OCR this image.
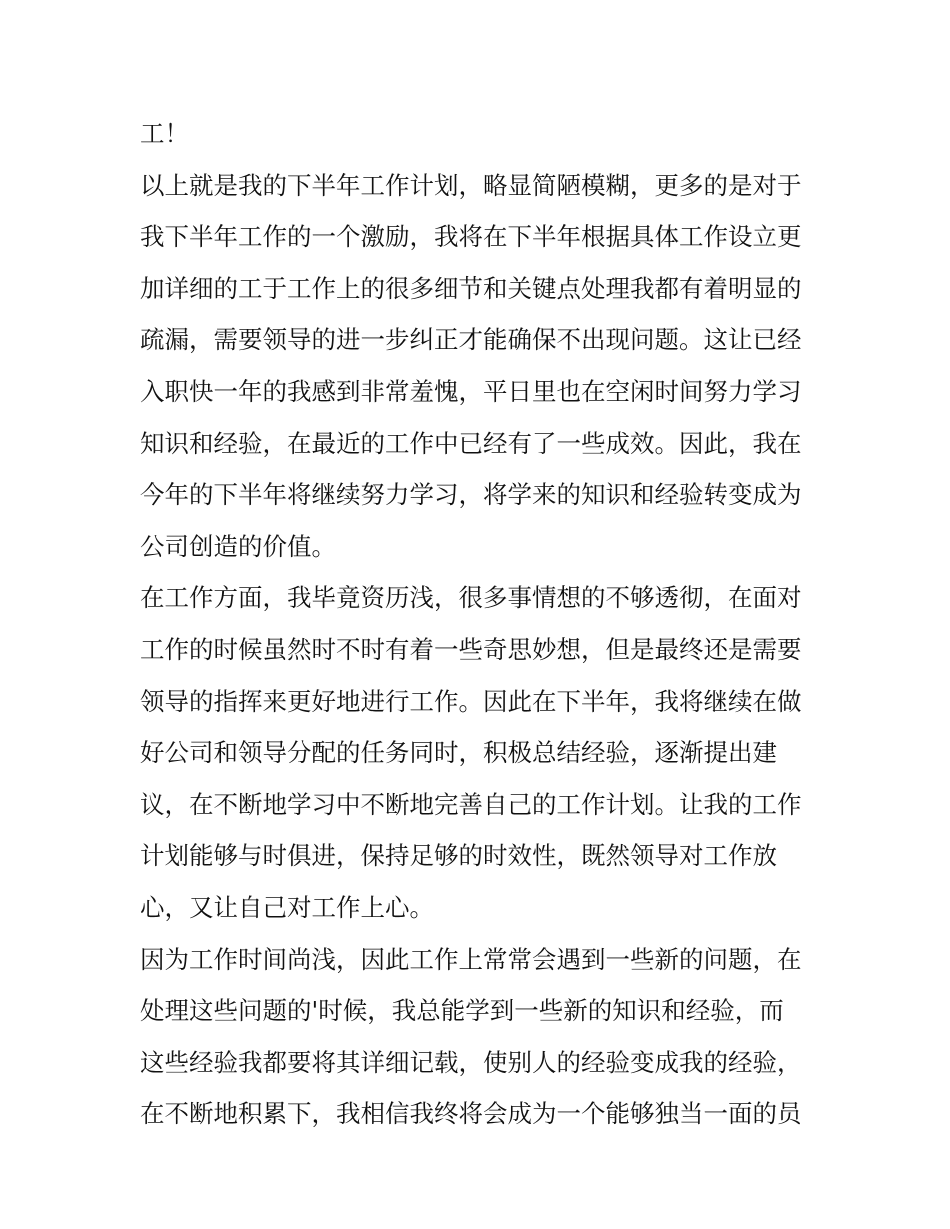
工！
以上就是我的下半年工作计划，略显简陋模糊，更多的是对于
我下半年工作的一个激励，我将在下半年根据具体工作设立更
加详细的工于工作上的很多细节和关键点处理我都有着明显的
疏漏，需要领导的进一步纠正才能确保不出现问题。这让已经
入职快一年的我感到非常羞愧，平日里也在空闲时间努力学习
知识和经验，在最近的工作中已经有了一些成效。因此，我在
今年的下半年将继续努力学习，将学来的知识和经验转变成为
公司创造的价值。
在工作方面，我毕竟资历浅，很多事情想的不够透彻，在面对
工作的时候虽然时不时有着一些奇思妙想，但是最终还是需要
领导的指挥来更好地进行工作。因此在下半年，我将继续在做
好公司和领导分配的任务同时，积极总结经验，逐渐提出建
议，在不断地学习中不断地完善自己的工作计划。让我的工作
计划能够与时俱进，保持足够的时效性，既然领导对工作放
心，又让自己对工作上心。
因为工作时间尚浅，因此工作上常常会遇到一些新的问题，在
处理这些问题的'时候，我总能学到一些新的知识和经验，而
这些经验我都要将其详细记载，使别人的经验变成我的经验，
在不断地积累下，我相信我终将会成为一个能够独当一面的员
